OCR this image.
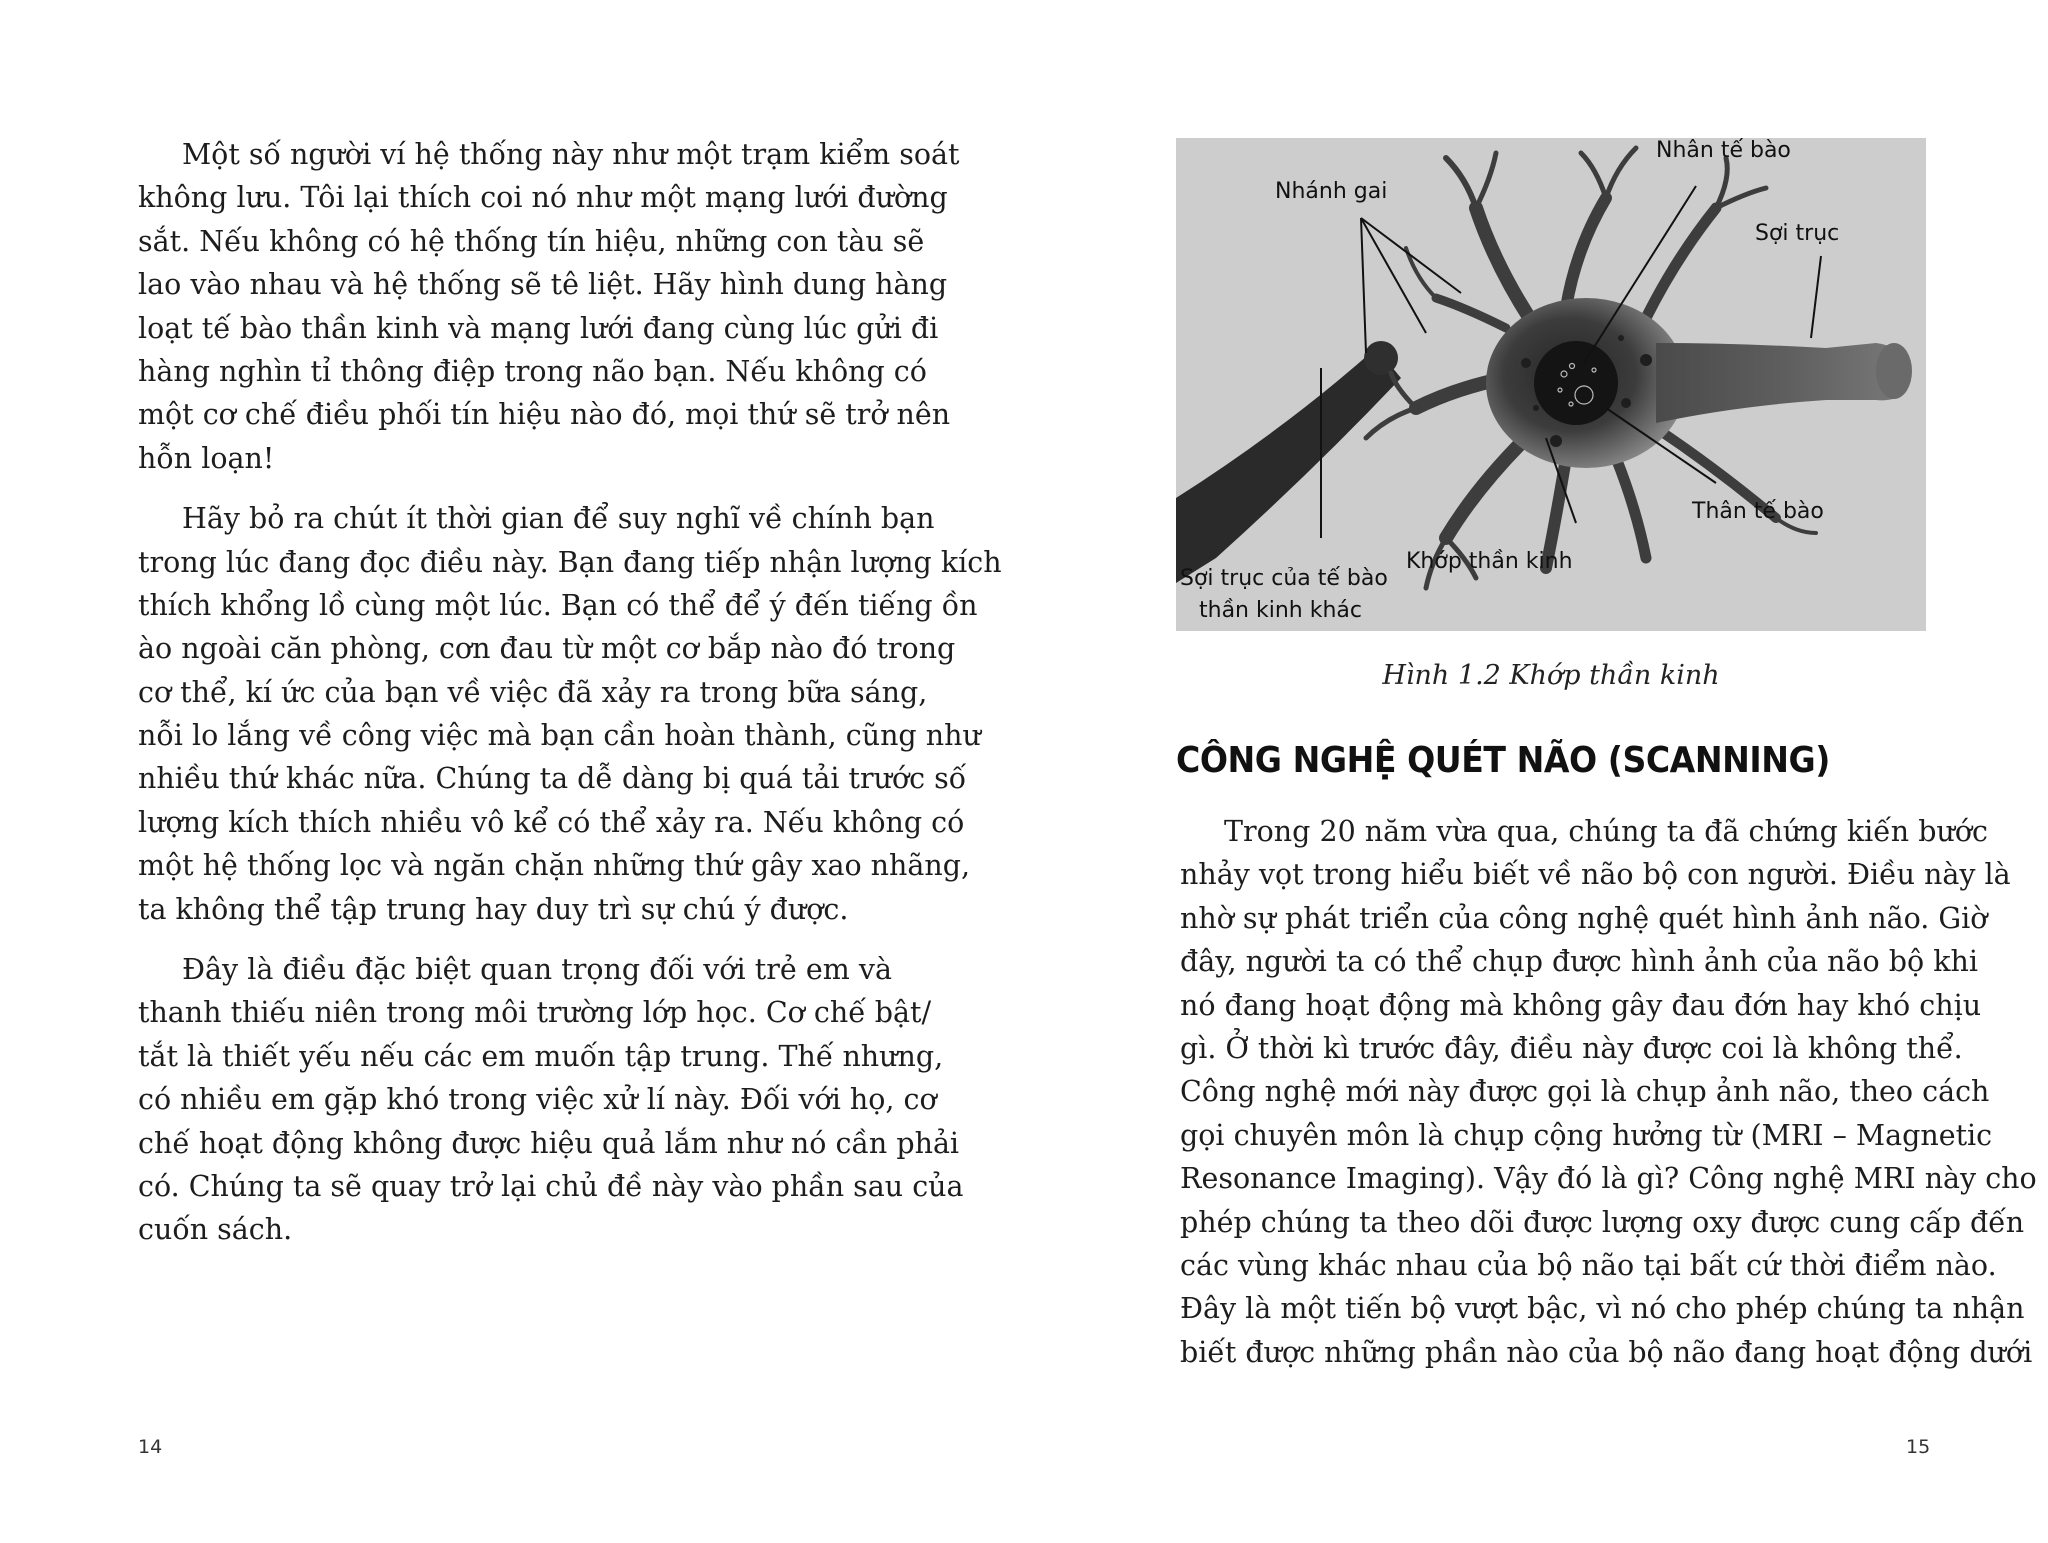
Một số người ví hệ thống này như một trạm kiểm soát
không lưu. Tôi lại thích coi nó như một mạng lưới đường
sắt. Nếu không có hệ thống tín hiệu, những con tàu sẽ
lao vào nhau và hệ thống sẽ tê liệt. Hãy hình dung hàng
loạt tế bào thần kinh và mạng lưới đang cùng lúc gửi đi
hàng nghìn tỉ thông điệp trong não bạn. Nếu không có
một cơ chế điều phối tín hiệu nào đó, mọi thứ sẽ trở nên
hỗn loạn!
Hãy bỏ ra chút ít thời gian để suy nghĩ về chính bạn
trong lúc đang đọc điều này. Bạn đang tiếp nhận lượng kích
thích khổng lồ cùng một lúc. Bạn có thể để ý đến tiếng ồn
ào ngoài căn phòng, cơn đau từ một cơ bắp nào đó trong
cơ thể, kí ức của bạn về việc đã xảy ra trong bữa sáng,
nỗi lo lắng về công việc mà bạn cần hoàn thành, cũng như
nhiều thứ khác nữa. Chúng ta dễ dàng bị quá tải trước số
lượng kích thích nhiều vô kể có thể xảy ra. Nếu không có
một hệ thống lọc và ngăn chặn những thứ gây xao nhãng,
ta không thể tập trung hay duy trì sự chú ý được.
Đây là điều đặc biệt quan trọng đối với trẻ em và
thanh thiếu niên trong môi trường lớp học. Cơ chế bật/
tắt là thiết yếu nếu các em muốn tập trung. Thế nhưng,
có nhiều em gặp khó trong việc xử lí này. Đối với họ, cơ
chế hoạt động không được hiệu quả lắm như nó cần phải
có. Chúng ta sẽ quay trở lại chủ đề này vào phần sau của
cuốn sách.
14
Nhân tế bào
Nhánh gai
Sợi trục
Thân tế bào
Khớp thần kinh
Sợi trục của tế bào
thần kinh khác
Hình 1.2 Khớp thần kinh
CÔNG NGHỆ QUÉT NÃO (SCANNING)
Trong 20 năm vừa qua, chúng ta đã chứng kiến bước
nhảy vọt trong hiểu biết về não bộ con người. Điều này là
nhờ sự phát triển của công nghệ quét hình ảnh não. Giờ
đây, người ta có thể chụp được hình ảnh của não bộ khi
nó đang hoạt động mà không gây đau đớn hay khó chịu
gì. Ở thời kì trước đây, điều này được coi là không thể.
Công nghệ mới này được gọi là chụp ảnh não, theo cách
gọi chuyên môn là chụp cộng hưởng từ (MRI – Magnetic
Resonance Imaging). Vậy đó là gì? Công nghệ MRI này cho
phép chúng ta theo dõi được lượng oxy được cung cấp đến
các vùng khác nhau của bộ não tại bất cứ thời điểm nào.
Đây là một tiến bộ vượt bậc, vì nó cho phép chúng ta nhận
biết được những phần nào của bộ não đang hoạt động dưới
15
